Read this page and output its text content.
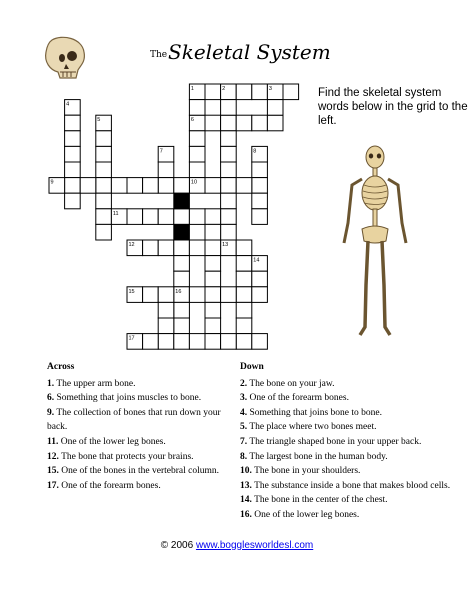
The Skeletal System
1	2	3
4
5	6
7	8
9	10
11
12	13
14
15	16
17
Find the skeletal system words below in the grid to the left.
Across
1. The upper arm bone.
6. Something that joins muscles to bone.
9. The collection of bones that run down your back.
11. One of the lower leg bones.
12. The bone that protects your brains.
15. One of the bones in the vertebral column.
17. One of the forearm bones.
Down
2. The bone on your jaw.
3. One of the forearm bones.
4. Something that joins bone to bone.
5. The place where two bones meet.
7. The triangle shaped bone in your upper back.
8. The largest bone in the human body.
10. The bone in your shoulders.
13. The substance inside a bone that makes blood cells.
14. The bone in the center of the chest.
16. One of the lower leg bones.
© 2006 www.bogglesworldesl.com
